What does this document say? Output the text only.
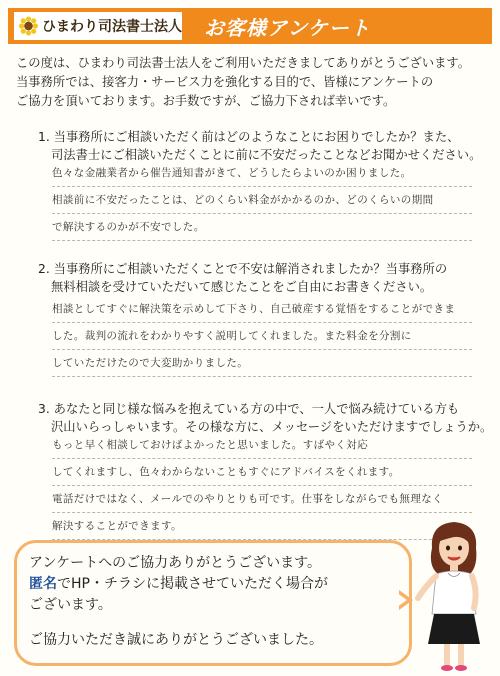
ひまわり司法書士法人 お客様アンケート
この度は、ひまわり司法書士法人をご利用いただきましてありがとうございます。
当事務所では、接客力・サービス力を強化する目的で、皆様にアンケートの
ご協力を頂いております。お手数ですが、ご協力下されば幸いです。
1. 当事務所にご相談いただく前はどのようなことにお困りでしたか？また、
司法書士にご相談いただくことに前に不安だったことなどお聞かせください。
色々な金融業者から催告通知書がきて、どうしたらよいのか困りました。
相談前に不安だったことは、どのくらい料金がかかるのか、どのくらいの期間
で解決するのかが不安でした。
2. 当事務所にご相談いただくことで不安は解消されましたか？当事務所の
無料相談を受けていただいて感じたことをご自由にお書きください。
相談としてすぐに解決策を示めして下さり、自己破産する覚悟をすることができま
した。裁判の流れをわかりやすく説明してくれました。また料金を分割に
していただけたので大変助かりました。
3. あなたと同じ様な悩みを抱えている方の中で、一人で悩み続けている方も
沢山いらっしゃいます。その様な方に、メッセージをいただけますでしょうか。
もっと早く相談しておけばよかったと思いました。すばやく対応
してくれますし、色々わからないこともすぐにアドバイスをくれます。
電話だけではなく、メールでのやりとりも可です。仕事をしながらでも無理なく
解決することができます。
アンケートへのご協力ありがとうございます。
匿名でHP・チラシに掲載させていただく場合が
ございます。
ご協力いただき誠にありがとうございました。
